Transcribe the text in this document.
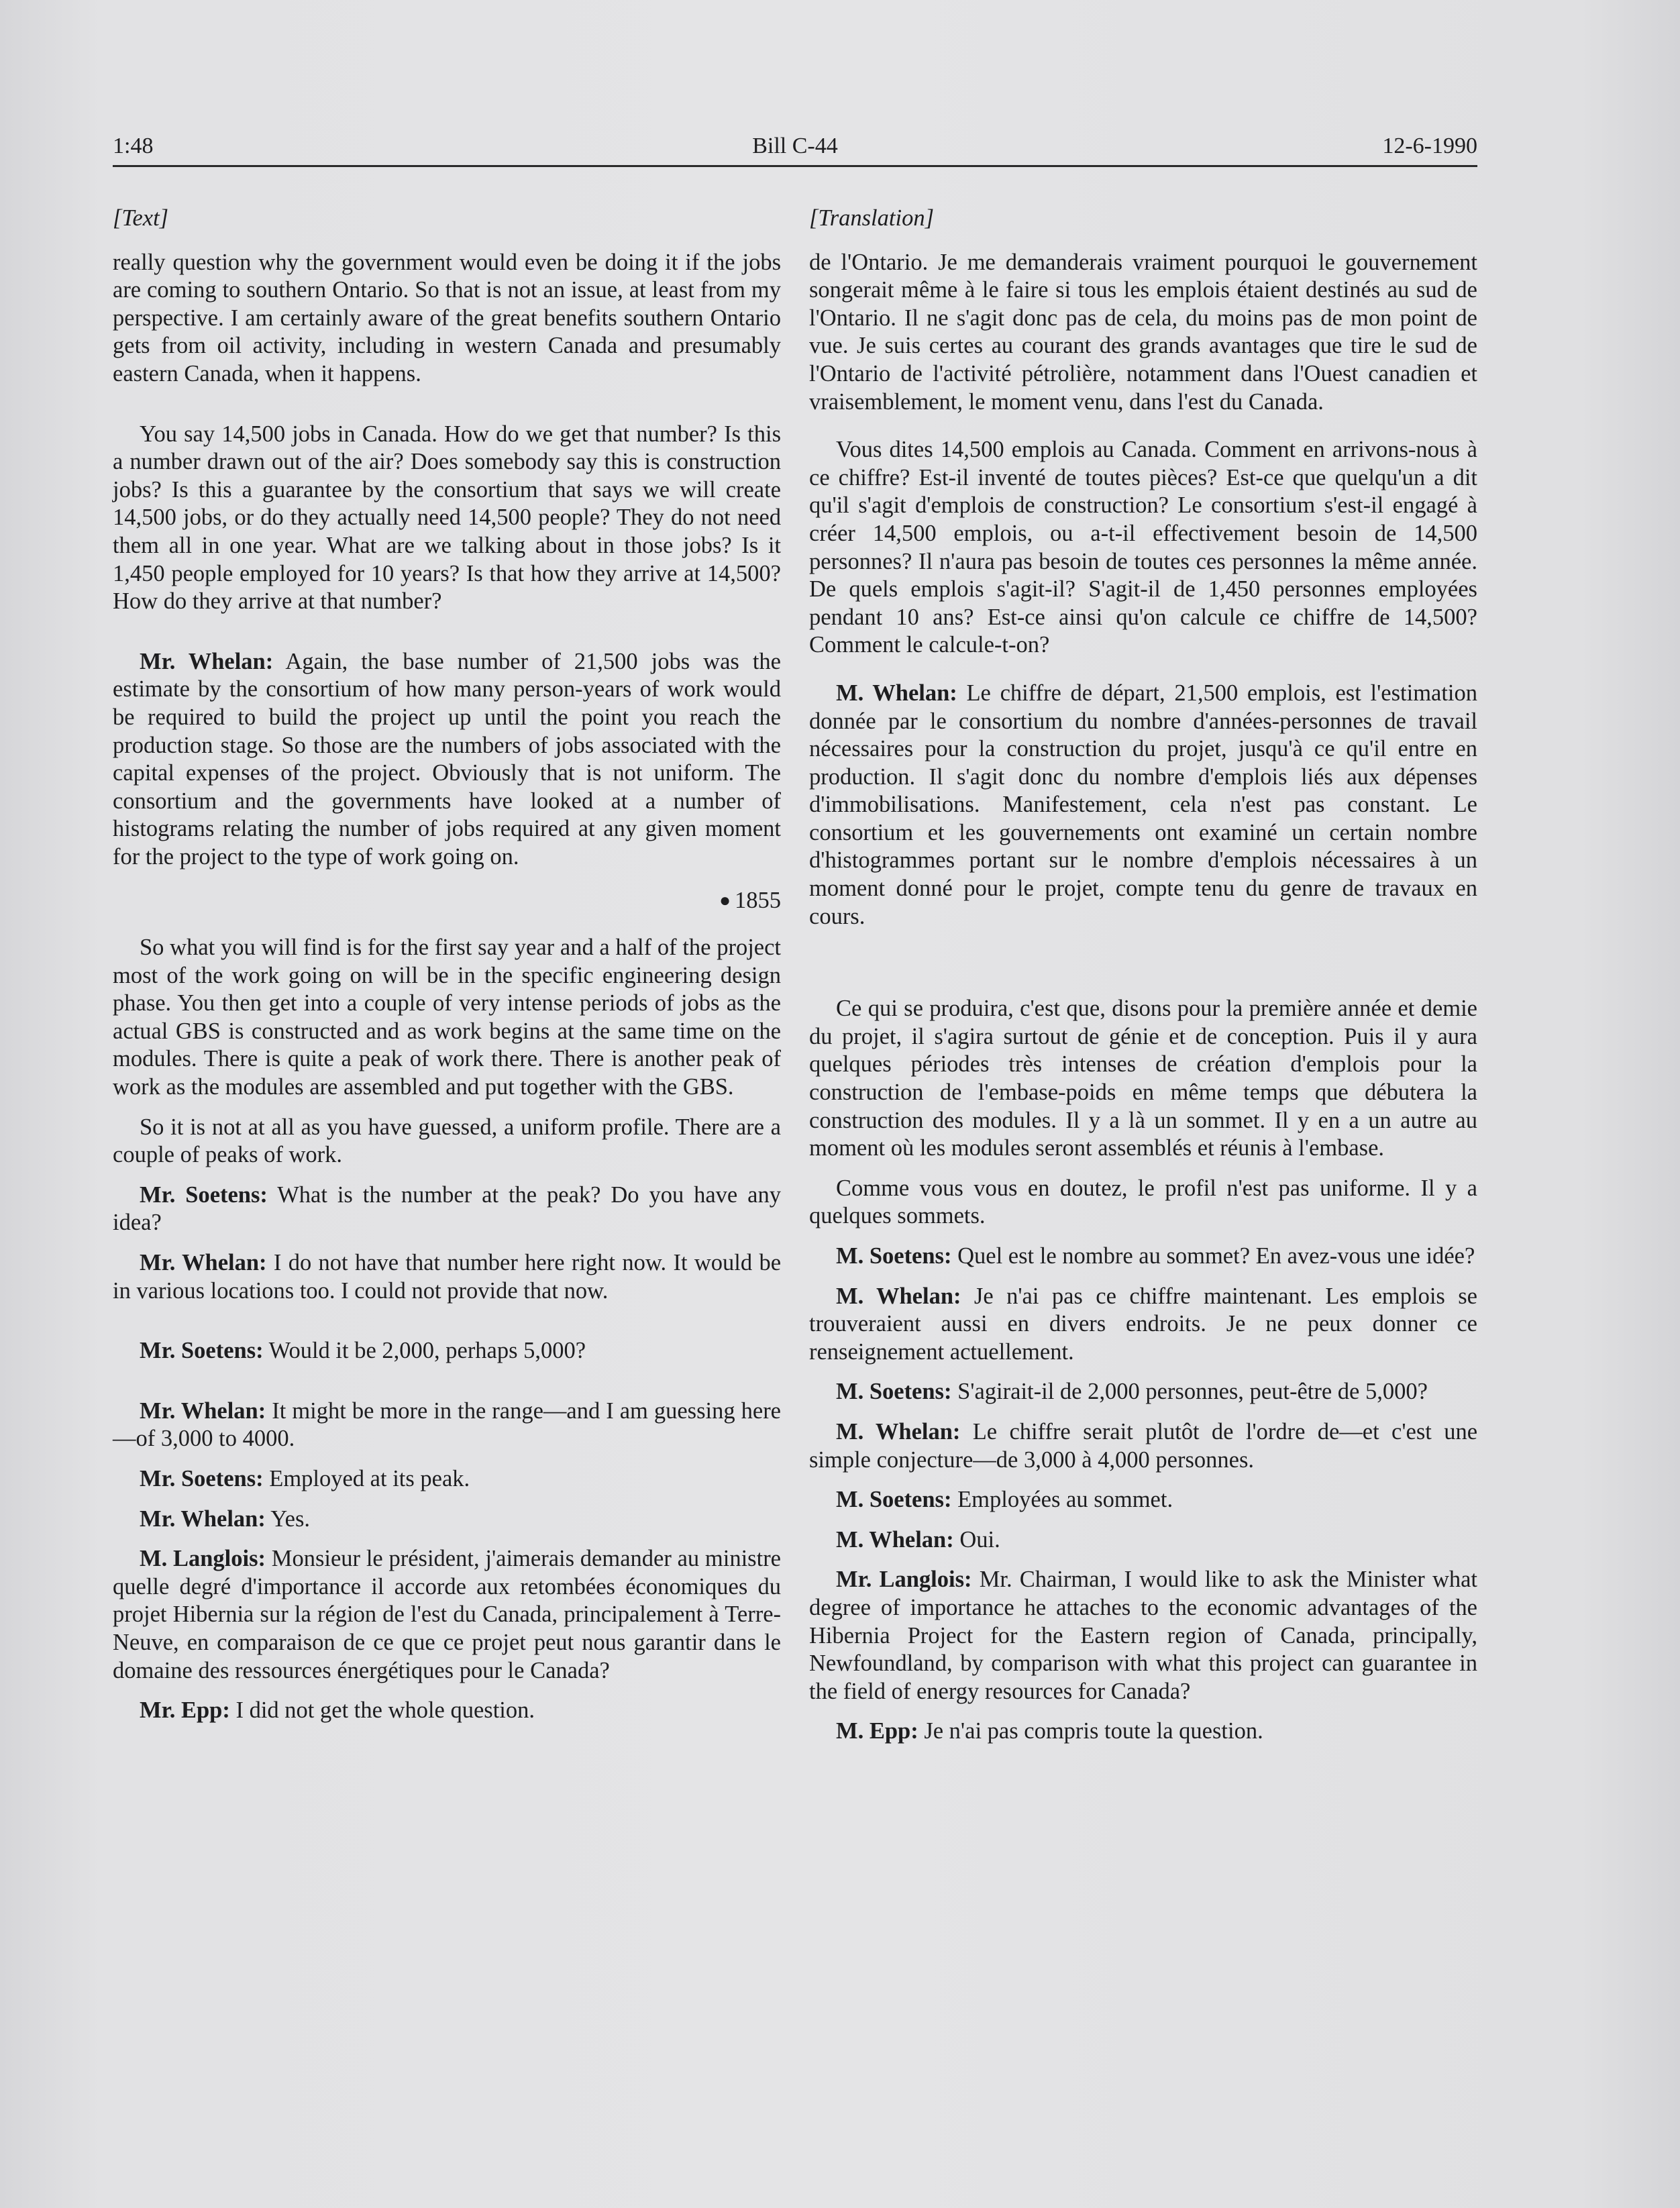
1:48	Bill C-44	12-6-1990
[Text]

really question why the government would even be doing it if the jobs are coming to southern Ontario. So that is not an issue, at least from my perspective. I am certainly aware of the great benefits southern Ontario gets from oil activity, including in western Canada and presumably eastern Canada, when it happens.

You say 14,500 jobs in Canada. How do we get that number? Is this a number drawn out of the air? Does somebody say this is construction jobs? Is this a guarantee by the consortium that says we will create 14,500 jobs, or do they actually need 14,500 people? They do not need them all in one year. What are we talking about in those jobs? Is it 1,450 people employed for 10 years? Is that how they arrive at 14,500? How do they arrive at that number?

Mr. Whelan: Again, the base number of 21,500 jobs was the estimate by the consortium of how many person-years of work would be required to build the project up until the point you reach the production stage. So those are the numbers of jobs associated with the capital expenses of the project. Obviously that is not uniform. The consortium and the governments have looked at a number of histograms relating the number of jobs required at any given moment for the project to the type of work going on.

● 1855

So what you will find is for the first say year and a half of the project most of the work going on will be in the specific engineering design phase. You then get into a couple of very intense periods of jobs as the actual GBS is constructed and as work begins at the same time on the modules. There is quite a peak of work there. There is another peak of work as the modules are assembled and put together with the GBS.

So it is not at all as you have guessed, a uniform profile. There are a couple of peaks of work.

Mr. Soetens: What is the number at the peak? Do you have any idea?

Mr. Whelan: I do not have that number here right now. It would be in various locations too. I could not provide that now.

Mr. Soetens: Would it be 2,000, perhaps 5,000?

Mr. Whelan: It might be more in the range—and I am guessing here—of 3,000 to 4000.

Mr. Soetens: Employed at its peak.

Mr. Whelan: Yes.

M. Langlois: Monsieur le président, j'aimerais demander au ministre quelle degré d'importance il accorde aux retombées économiques du projet Hibernia sur la région de l'est du Canada, principalement à Terre-Neuve, en comparaison de ce que ce projet peut nous garantir dans le domaine des ressources énergétiques pour le Canada?

Mr. Epp: I did not get the whole question.

[Translation]

de l'Ontario. Je me demanderais vraiment pourquoi le gouvernement songerait même à le faire si tous les emplois étaient destinés au sud de l'Ontario. Il ne s'agit donc pas de cela, du moins pas de mon point de vue. Je suis certes au courant des grands avantages que tire le sud de l'Ontario de l'activité pétrolière, notamment dans l'Ouest canadien et vraisemblement, le moment venu, dans l'est du Canada.

Vous dites 14,500 emplois au Canada. Comment en arrivons-nous à ce chiffre? Est-il inventé de toutes pièces? Est-ce que quelqu'un a dit qu'il s'agit d'emplois de construction? Le consortium s'est-il engagé à créer 14,500 emplois, ou a-t-il effectivement besoin de 14,500 personnes? Il n'aura pas besoin de toutes ces personnes la même année. De quels emplois s'agit-il? S'agit-il de 1,450 personnes employées pendant 10 ans? Est-ce ainsi qu'on calcule ce chiffre de 14,500? Comment le calcule-t-on?

M. Whelan: Le chiffre de départ, 21,500 emplois, est l'estimation donnée par le consortium du nombre d'années-personnes de travail nécessaires pour la construction du projet, jusqu'à ce qu'il entre en production. Il s'agit donc du nombre d'emplois liés aux dépenses d'immobilisations. Manifestement, cela n'est pas constant. Le consortium et les gouvernements ont examiné un certain nombre d'histogrammes portant sur le nombre d'emplois nécessaires à un moment donné pour le projet, compte tenu du genre de travaux en cours.

Ce qui se produira, c'est que, disons pour la première année et demie du projet, il s'agira surtout de génie et de conception. Puis il y aura quelques périodes très intenses de création d'emplois pour la construction de l'embase-poids en même temps que débutera la construction des modules. Il y a là un sommet. Il y en a un autre au moment où les modules seront assemblés et réunis à l'embase.

Comme vous vous en doutez, le profil n'est pas uniforme. Il y a quelques sommets.

M. Soetens: Quel est le nombre au sommet? En avez-vous une idée?

M. Whelan: Je n'ai pas ce chiffre maintenant. Les emplois se trouveraient aussi en divers endroits. Je ne peux donner ce renseignement actuellement.

M. Soetens: S'agirait-il de 2,000 personnes, peut-être de 5,000?

M. Whelan: Le chiffre serait plutôt de l'ordre de—et c'est une simple conjecture—de 3,000 à 4,000 personnes.

M. Soetens: Employées au sommet.

M. Whelan: Oui.

Mr. Langlois: Mr. Chairman, I would like to ask the Minister what degree of importance he attaches to the economic advantages of the Hibernia Project for the Eastern region of Canada, principally, Newfoundland, by comparison with what this project can guarantee in the field of energy resources for Canada?

M. Epp: Je n'ai pas compris toute la question.
